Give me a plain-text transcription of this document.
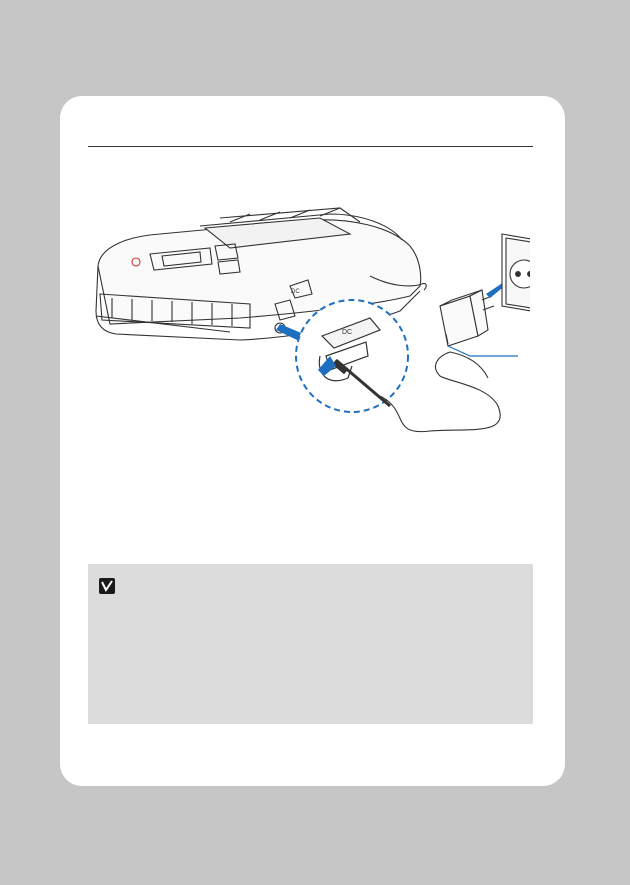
DC
DC
